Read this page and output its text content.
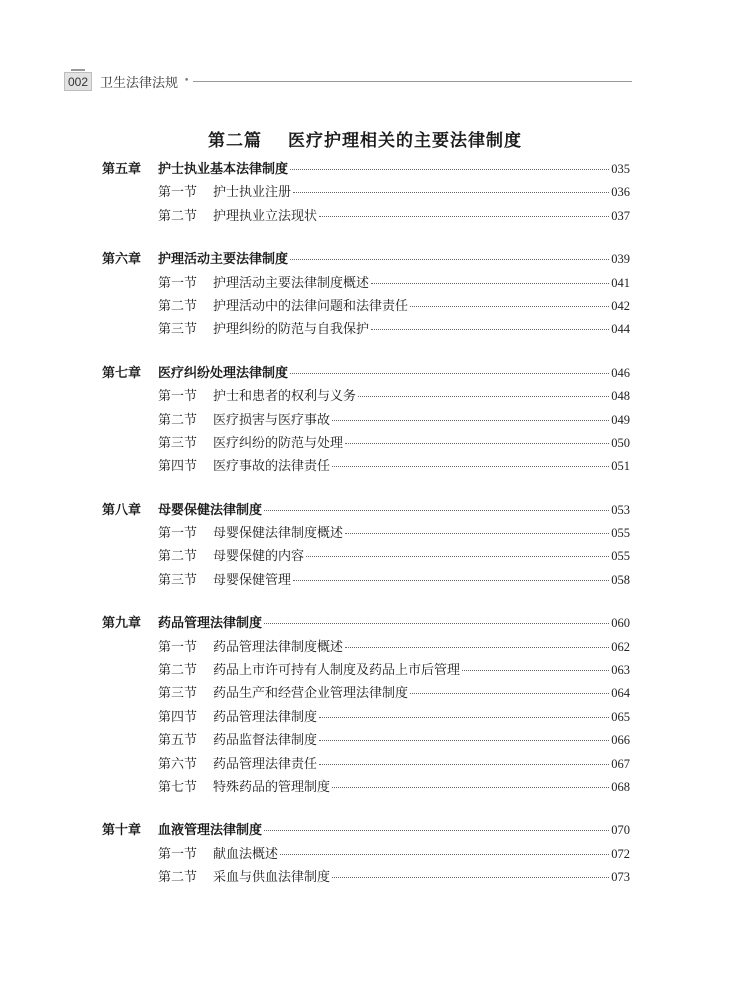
002 卫生法律法规 •
第二篇 医疗护理相关的主要法律制度
第五章	护士执业基本法律制度	035
第一节	护士执业注册	036
第二节	护理执业立法现状	037
第六章	护理活动主要法律制度	039
第一节	护理活动主要法律制度概述	041
第二节	护理活动中的法律问题和法律责任	042
第三节	护理纠纷的防范与自我保护	044
第七章	医疗纠纷处理法律制度	046
第一节	护士和患者的权利与义务	048
第二节	医疗损害与医疗事故	049
第三节	医疗纠纷的防范与处理	050
第四节	医疗事故的法律责任	051
第八章	母婴保健法律制度	053
第一节	母婴保健法律制度概述	055
第二节	母婴保健的内容	055
第三节	母婴保健管理	058
第九章	药品管理法律制度	060
第一节	药品管理法律制度概述	062
第二节	药品上市许可持有人制度及药品上市后管理	063
第三节	药品生产和经营企业管理法律制度	064
第四节	药品管理法律制度	065
第五节	药品监督法律制度	066
第六节	药品管理法律责任	067
第七节	特殊药品的管理制度	068
第十章	血液管理法律制度	070
第一节	献血法概述	072
第二节	采血与供血法律制度	073
